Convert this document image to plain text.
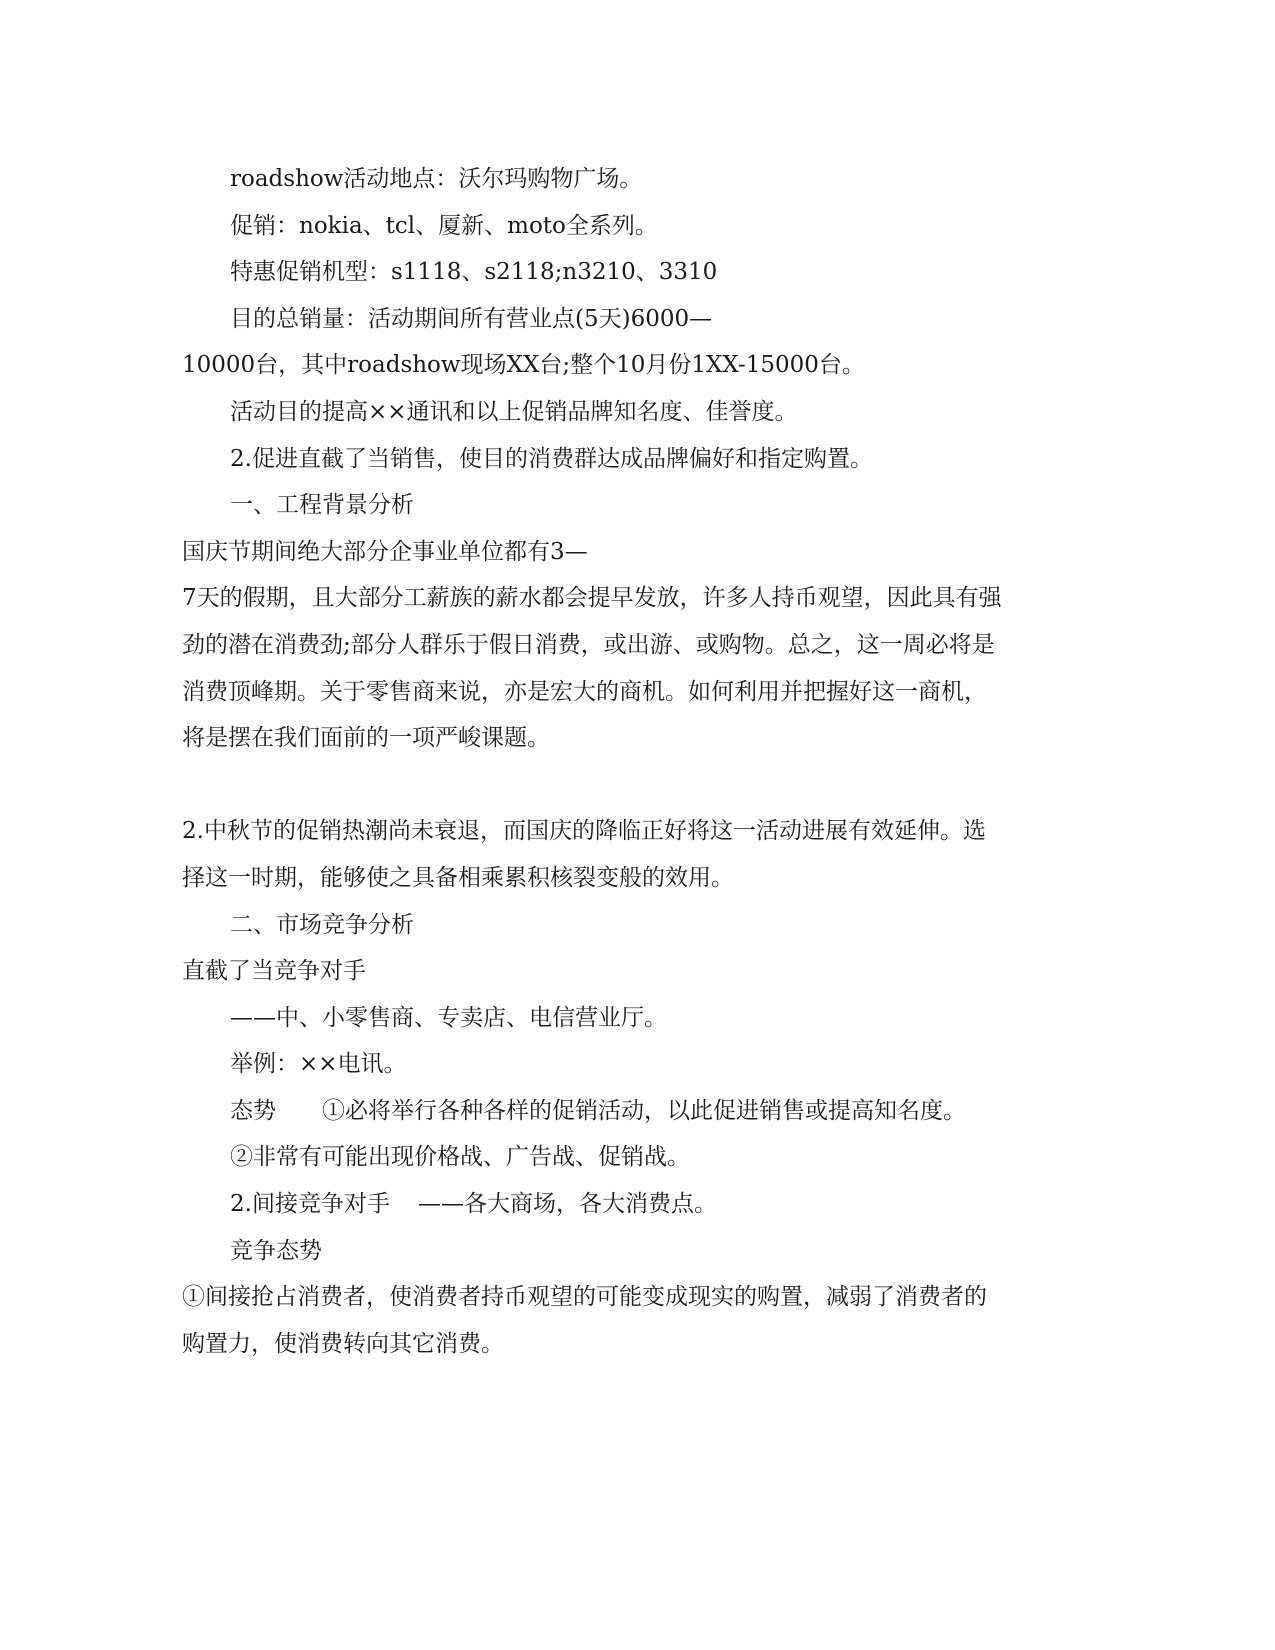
roadshow活动地点：沃尔玛购物广场。
促销：nokia、tcl、厦新、moto全系列。
特惠促销机型：s1118、s2118;n3210、3310
目的总销量：活动期间所有营业点(5天)6000—
10000台，其中roadshow现场XX台;整个10月份1XX-15000台。
活动目的提高××通讯和以上促销品牌知名度、佳誉度。
2.促进直截了当销售，使目的消费群达成品牌偏好和指定购置。
一、工程背景分析
国庆节期间绝大部分企事业单位都有3—
7天的假期，且大部分工薪族的薪水都会提早发放，许多人持币观望，因此具有强
劲的潜在消费劲;部分人群乐于假日消费，或出游、或购物。总之，这一周必将是
消费顶峰期。关于零售商来说，亦是宏大的商机。如何利用并把握好这一商机，
将是摆在我们面前的一项严峻课题。
2.中秋节的促销热潮尚未衰退，而国庆的降临正好将这一活动进展有效延伸。选
择这一时期，能够使之具备相乘累积核裂变般的效用。
二、市场竞争分析
直截了当竞争对手
——中、小零售商、专卖店、电信营业厅。
举例：××电讯。
态势 ①必将举行各种各样的促销活动，以此促进销售或提高知名度。
②非常有可能出现价格战、广告战、促销战。
2.间接竞争对手 ——各大商场，各大消费点。
竞争态势
①间接抢占消费者，使消费者持币观望的可能变成现实的购置，减弱了消费者的
购置力，使消费转向其它消费。
